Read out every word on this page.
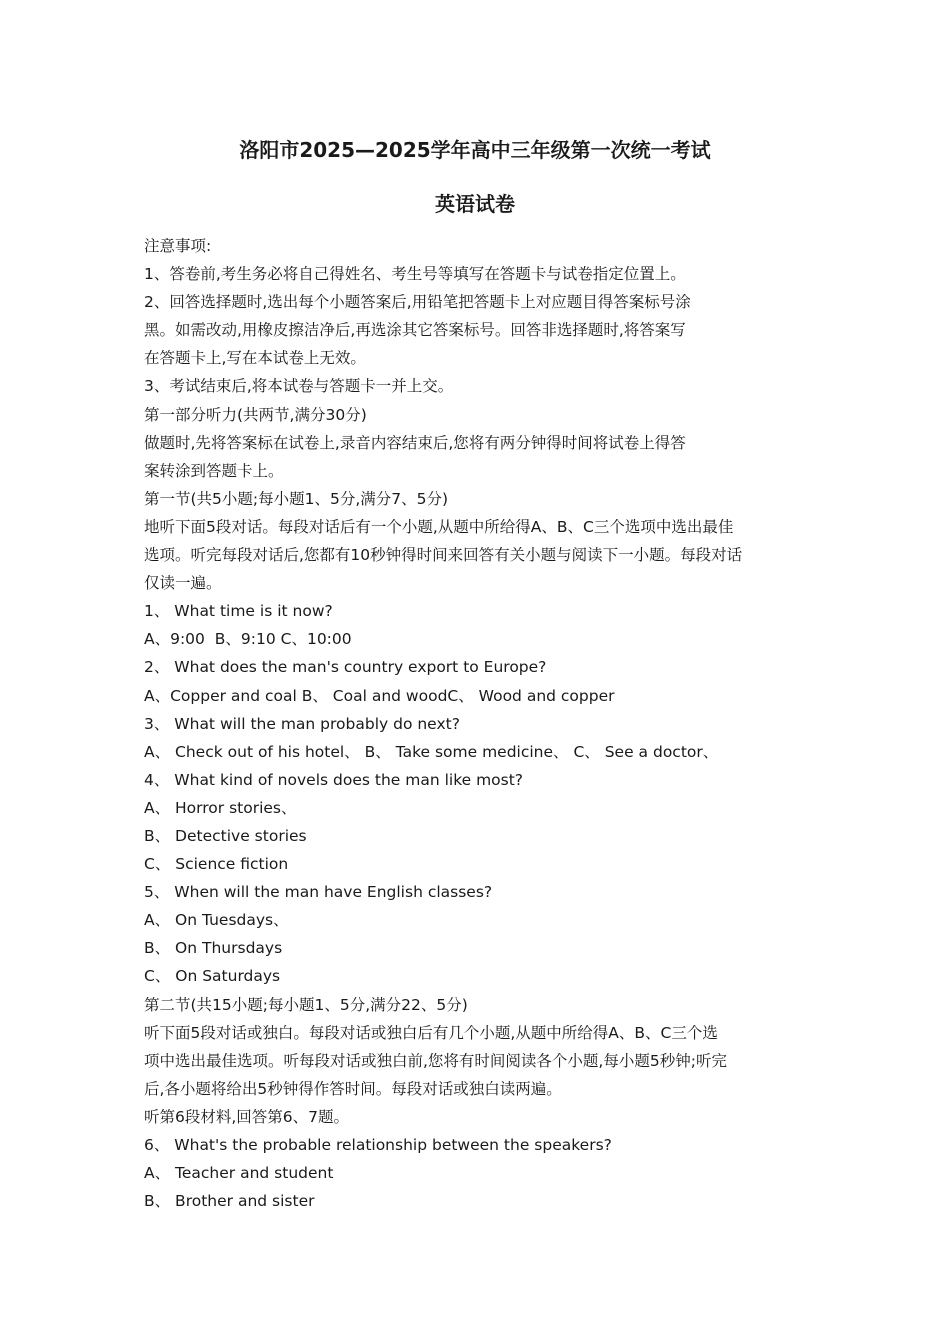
洛阳市2025—2025学年高中三年级第一次统一考试
英语试卷

注意事项:

1、答卷前,考生务必将自己得姓名、考生号等填写在答题卡与试卷指定位置上。

2、回答选择题时,选出每个小题答案后,用铅笔把答题卡上对应题目得答案标号涂

黑。如需改动,用橡皮擦洁净后,再选涂其它答案标号。回答非选择题时,将答案写

在答题卡上,写在本试卷上无效。

3、考试结束后,将本试卷与答题卡一并上交。

第一部分听力(共两节,满分30分)

做题时,先将答案标在试卷上,录音内容结束后,您将有两分钟得时间将试卷上得答

案转涂到答题卡上。

第一节(共5小题;每小题1、5分,满分7、5分)

地听下面5段对话。每段对话后有一个小题,从题中所给得A、B、C三个选项中选出最佳

选项。听完每段对话后,您都有10秒钟得时间来回答有关小题与阅读下一小题。每段对话

仅读一遍。

1、 What time is it now?

A、9:00  B、9:10 C、10:00

2、 What does the man's country export to Europe?

A、Copper and coal B、 Coal and woodC、 Wood and copper

3、 What will the man probably do next?

A、 Check out of his hotel、 B、 Take some medicine、 C、 See a doctor、

4、 What kind of novels does the man like most?

A、 Horror stories、

B、 Detective stories

C、 Science fiction

5、 When will the man have English classes?

A、 On Tuesdays、

B、 On Thursdays

C、 On Saturdays

第二节(共15小题;每小题1、5分,满分22、5分)

听下面5段对话或独白。每段对话或独白后有几个小题,从题中所给得A、B、C三个选

项中选出最佳选项。听每段对话或独白前,您将有时间阅读各个小题,每小题5秒钟;听完

后,各小题将给出5秒钟得作答时间。每段对话或独白读两遍。

听第6段材料,回答第6、7题。

6、 What's the probable relationship between the speakers?

A、 Teacher and student

B、 Brother and sister
